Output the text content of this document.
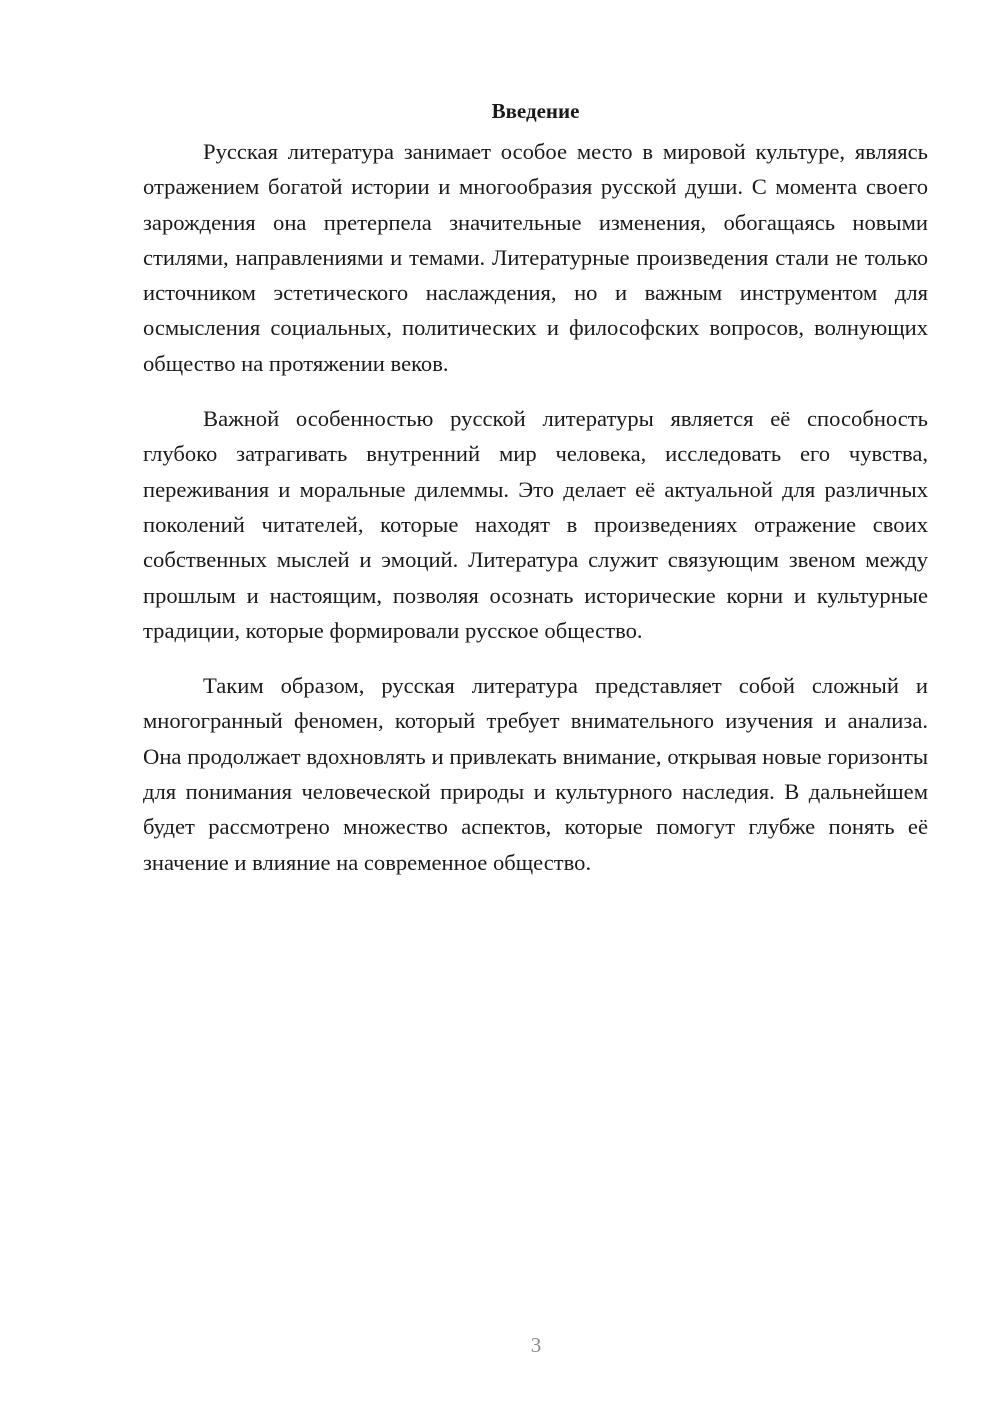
Введение

Русская литература занимает особое место в мировой культуре, являясь отражением богатой истории и многообразия русской души. С момента своего зарождения она претерпела значительные изменения, обогащаясь новыми стилями, направлениями и темами. Литературные произведения стали не только источником эстетического наслаждения, но и важным инструментом для осмысления социальных, политических и философских вопросов, волнующих общество на протяжении веков.

Важной особенностью русской литературы является её способность глубоко затрагивать внутренний мир человека, исследовать его чувства, переживания и моральные дилеммы. Это делает её актуальной для различных поколений читателей, которые находят в произведениях отражение своих собственных мыслей и эмоций. Литература служит связующим звеном между прошлым и настоящим, позволяя осознать исторические корни и культурные традиции, которые формировали русское общество.

Таким образом, русская литература представляет собой сложный и многогранный феномен, который требует внимательного изучения и анализа. Она продолжает вдохновлять и привлекать внимание, открывая новые горизонты для понимания человеческой природы и культурного наследия. В дальнейшем будет рассмотрено множество аспектов, которые помогут глубже понять её значение и влияние на современное общество.

3
